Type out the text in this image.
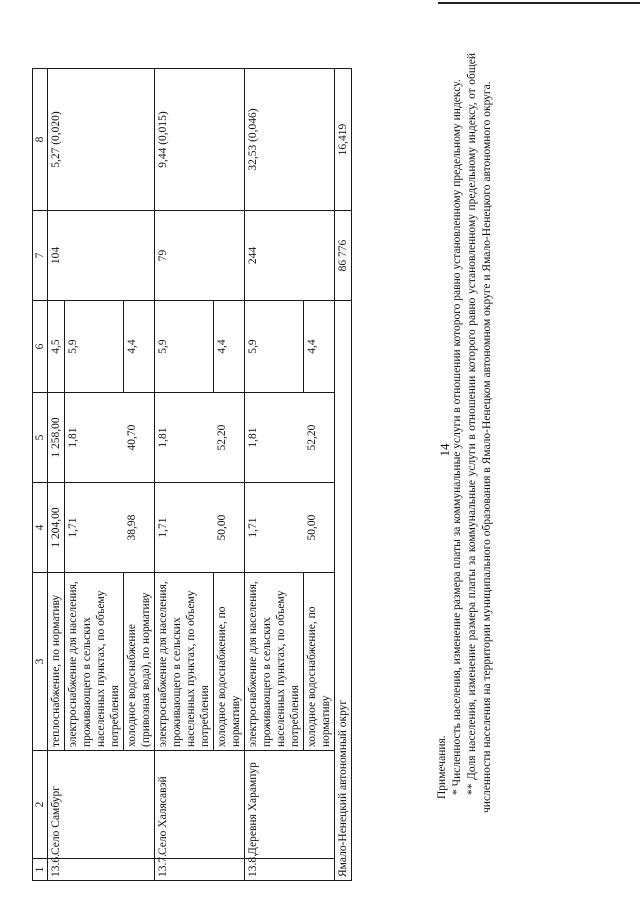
14
1	2	3	4	5	6	7	8
13.6.	Село Самбург	теплоснабжение, по нормативу	1 204,00	1 258,00	4,5	104	5,27 (0,020)
		электроснабжение для населения, проживающего в сельских населенных пунктах, по объему потребления	1,71	1,81	5,9		
		холодное водоснабжение (привозная вода), по нормативу	38,98	40,70	4,4		
13.7.	Село Халясавэй	электроснабжение для населения, проживающего в сельских населенных пунктах, по объему потребления	1,71	1,81	5,9	79	9,44 (0,015)
		холодное водоснабжение, по нормативу	50,00	52,20	4,4		
13.8.	Деревня Харампур	электроснабжение для населения, проживающего в сельских населенных пунктах, по объему потребления	1,71	1,81	5,9	244	32,53 (0,046)
		холодное водоснабжение, по нормативу	50,00	52,20	4,4		
Ямало-Ненецкий автономный округ						86 776	16,419

Примечания. * Численность населения, изменение размера платы за коммунальные услуги в отношении которого равно установленному предельному индексу. ** Доля населения, изменение размера платы за коммунальные услуги в отношении которого равно установленному предельному индексу, от общей численности населения на территории муниципального образования в Ямало-Ненецком автономном округе и Ямало-Ненецкого автономного округа.
